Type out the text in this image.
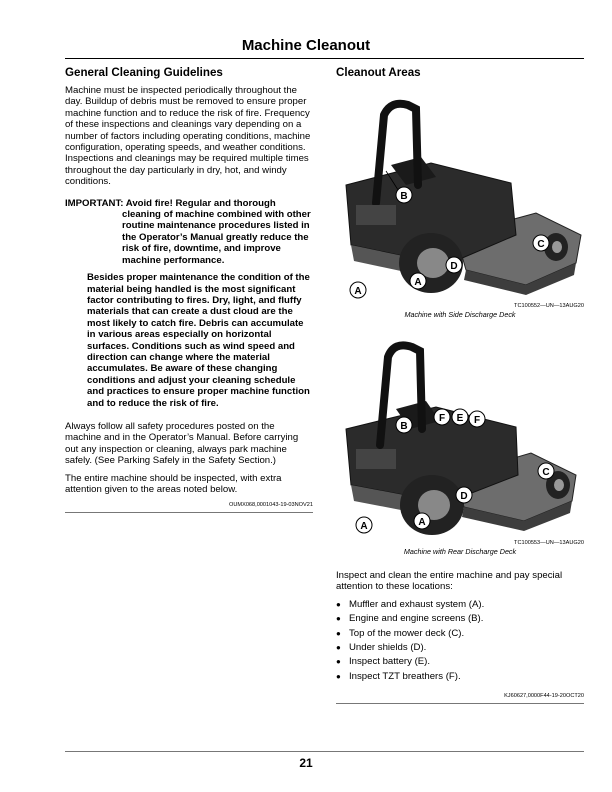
Machine Cleanout
General Cleaning Guidelines

Machine must be inspected periodically throughout the day. Buildup of debris must be removed to ensure proper machine function and to reduce the risk of fire. Frequency of these inspections and cleanings vary depending on a number of factors including operating conditions, machine configuration, operating speeds, and weather conditions. Inspections and cleanings may be required multiple times throughout the day particularly in dry, hot, and windy conditions.

IMPORTANT: Avoid fire! Regular and thorough cleaning of machine combined with other routine maintenance procedures listed in the Operator’s Manual greatly reduce the risk of fire, downtime, and improve machine performance.
Besides proper maintenance the condition of the material being handled is the most significant factor contributing to fires. Dry, light, and fluffy materials that can create a dust cloud are the most likely to catch fire. Debris can accumulate in various areas especially on horizontal surfaces. Conditions such as wind speed and direction can change where the material accumulates. Be aware of these changing conditions and adjust your cleaning schedule and practices to ensure proper machine function and to reduce the risk of fire.

Always follow all safety procedures posted on the machine and in the Operator’s Manual. Before carrying out any inspection or cleaning, always park machine safely. (See Parking Safely in the Safety Section.)

The entire machine should be inspected, with extra attention given to the areas noted below.

OUMX068,0001043-19-03NOV21

Cleanout Areas
B
C
D
A
A
TC100552—UN—13AUG20
Machine with Side Discharge Deck
B
F E F
C
D
A
A
TC100553—UN—13AUG20
Machine with Rear Discharge Deck

Inspect and clean the entire machine and pay special attention to these locations:

● Muffler and exhaust system (A).
● Engine and engine screens (B).
● Top of the mower deck (C).
● Under shields (D).
● Inspect battery (E).
● Inspect TZT breathers (F).

KJ60627,0000F44-19-20OCT20

21
